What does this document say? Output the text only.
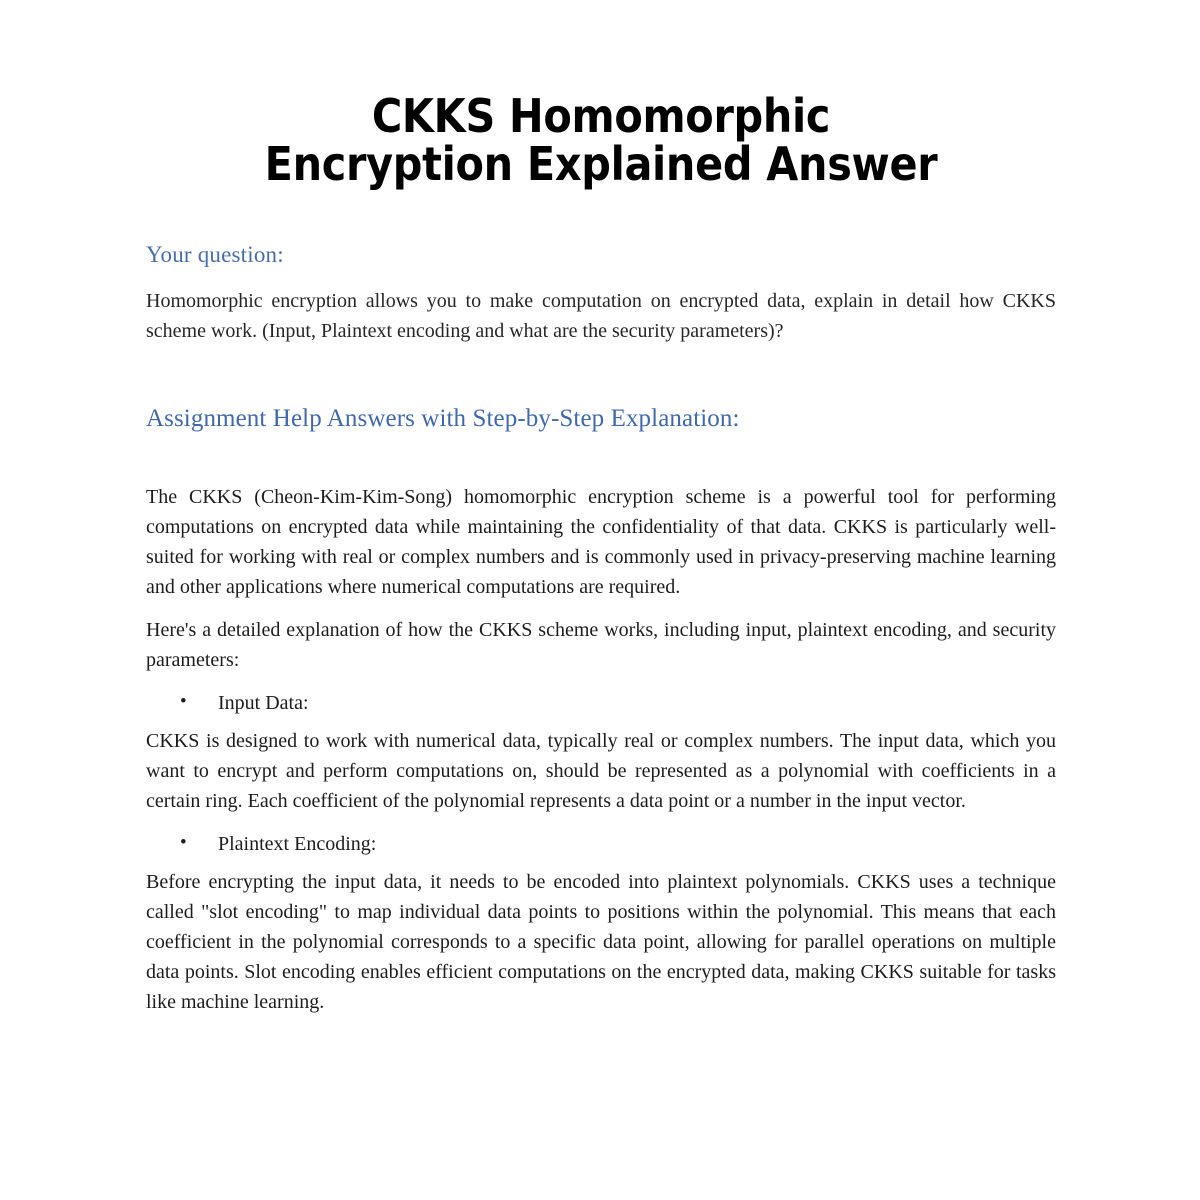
CKKS Homomorphic
Encryption Explained Answer
Your question:

Homomorphic encryption allows you to make computation on encrypted data, explain in detail how CKKS scheme work. (Input, Plaintext encoding and what are the security parameters)?

Assignment Help Answers with Step-by-Step Explanation:

The CKKS (Cheon-Kim-Kim-Song) homomorphic encryption scheme is a powerful tool for performing computations on encrypted data while maintaining the confidentiality of that data. CKKS is particularly well-suited for working with real or complex numbers and is commonly used in privacy-preserving machine learning and other applications where numerical computations are required.

Here's a detailed explanation of how the CKKS scheme works, including input, plaintext encoding, and security parameters:

• Input Data:

CKKS is designed to work with numerical data, typically real or complex numbers. The input data, which you want to encrypt and perform computations on, should be represented as a polynomial with coefficients in a certain ring. Each coefficient of the polynomial represents a data point or a number in the input vector.

• Plaintext Encoding:

Before encrypting the input data, it needs to be encoded into plaintext polynomials. CKKS uses a technique called "slot encoding" to map individual data points to positions within the polynomial. This means that each coefficient in the polynomial corresponds to a specific data point, allowing for parallel operations on multiple data points. Slot encoding enables efficient computations on the encrypted data, making CKKS suitable for tasks like machine learning.
